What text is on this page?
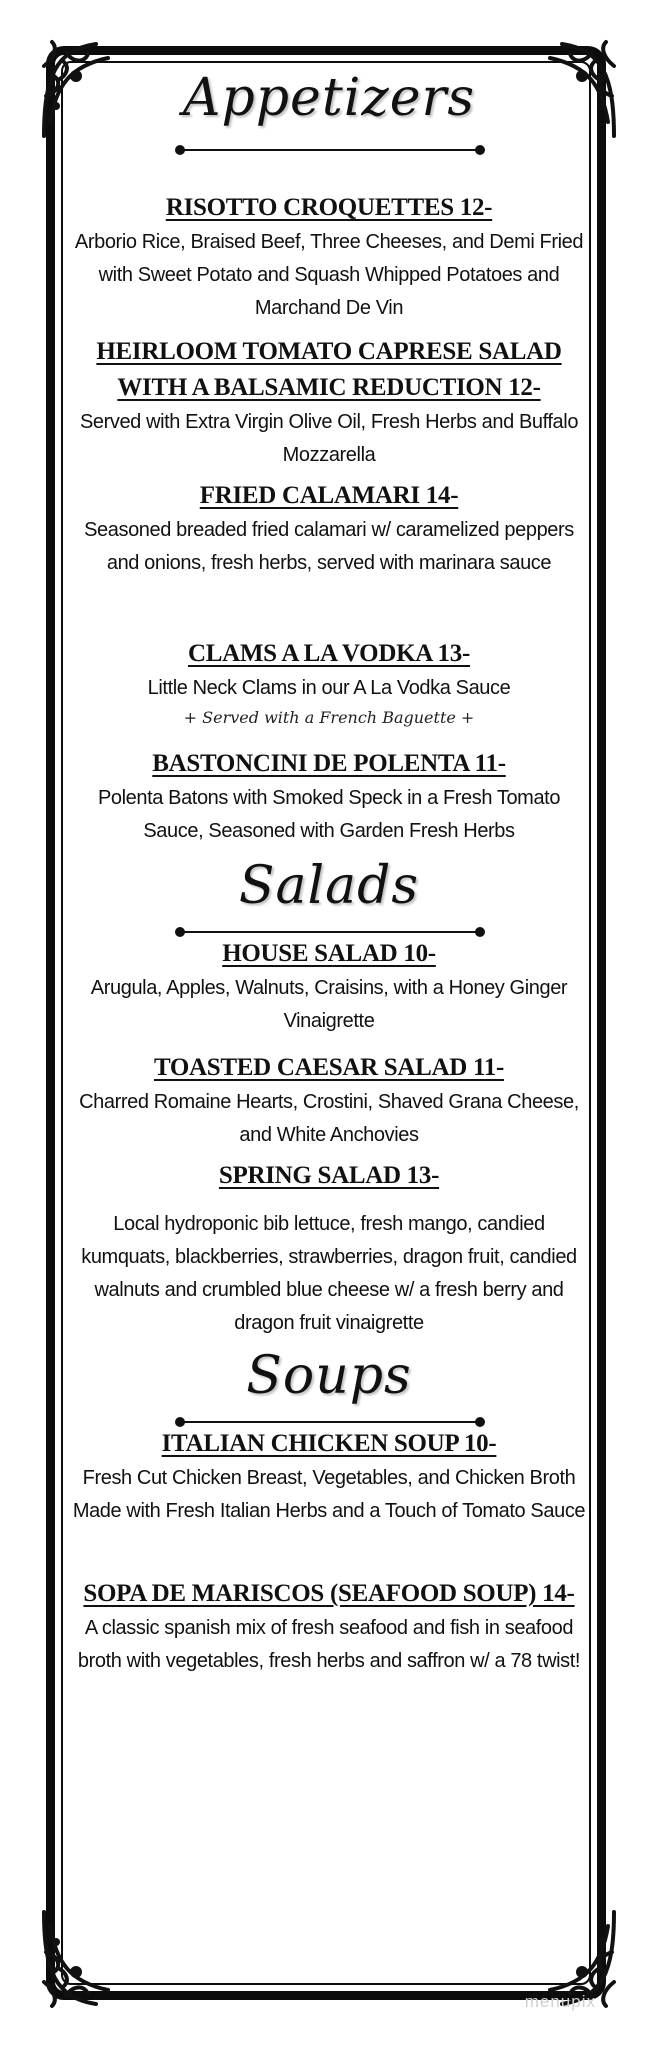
Appetizers
RISOTTO CROQUETTES 12-
Arborio Rice, Braised Beef, Three Cheeses, and Demi Fried with Sweet Potato and Squash Whipped Potatoes and Marchand De Vin
HEIRLOOM TOMATO CAPRESE SALAD
WITH A BALSAMIC REDUCTION 12-
Served with Extra Virgin Olive Oil, Fresh Herbs and Buffalo Mozzarella
FRIED CALAMARI 14-
Seasoned breaded fried calamari w/ caramelized peppers and onions, fresh herbs, served with marinara sauce
CLAMS A LA VODKA 13-
Little Neck Clams in our A La Vodka Sauce
+ Served with a French Baguette +
BASTONCINI DE POLENTA 11-
Polenta Batons with Smoked Speck in a Fresh Tomato Sauce, Seasoned with Garden Fresh Herbs
Salads
HOUSE SALAD 10-
Arugula, Apples, Walnuts, Craisins, with a Honey Ginger Vinaigrette
TOASTED CAESAR SALAD 11-
Charred Romaine Hearts, Crostini, Shaved Grana Cheese, and White Anchovies
SPRING SALAD 13-
Local hydroponic bib lettuce, fresh mango, candied kumquats, blackberries, strawberries, dragon fruit, candied walnuts and crumbled blue cheese w/ a fresh berry and dragon fruit vinaigrette
Soups
ITALIAN CHICKEN SOUP 10-
Fresh Cut Chicken Breast, Vegetables, and Chicken Broth Made with Fresh Italian Herbs and a Touch of Tomato Sauce
SOPA DE MARISCOS (SEAFOOD SOUP) 14-
A classic spanish mix of fresh seafood and fish in seafood broth with vegetables, fresh herbs and saffron w/ a 78 twist!
menupix
